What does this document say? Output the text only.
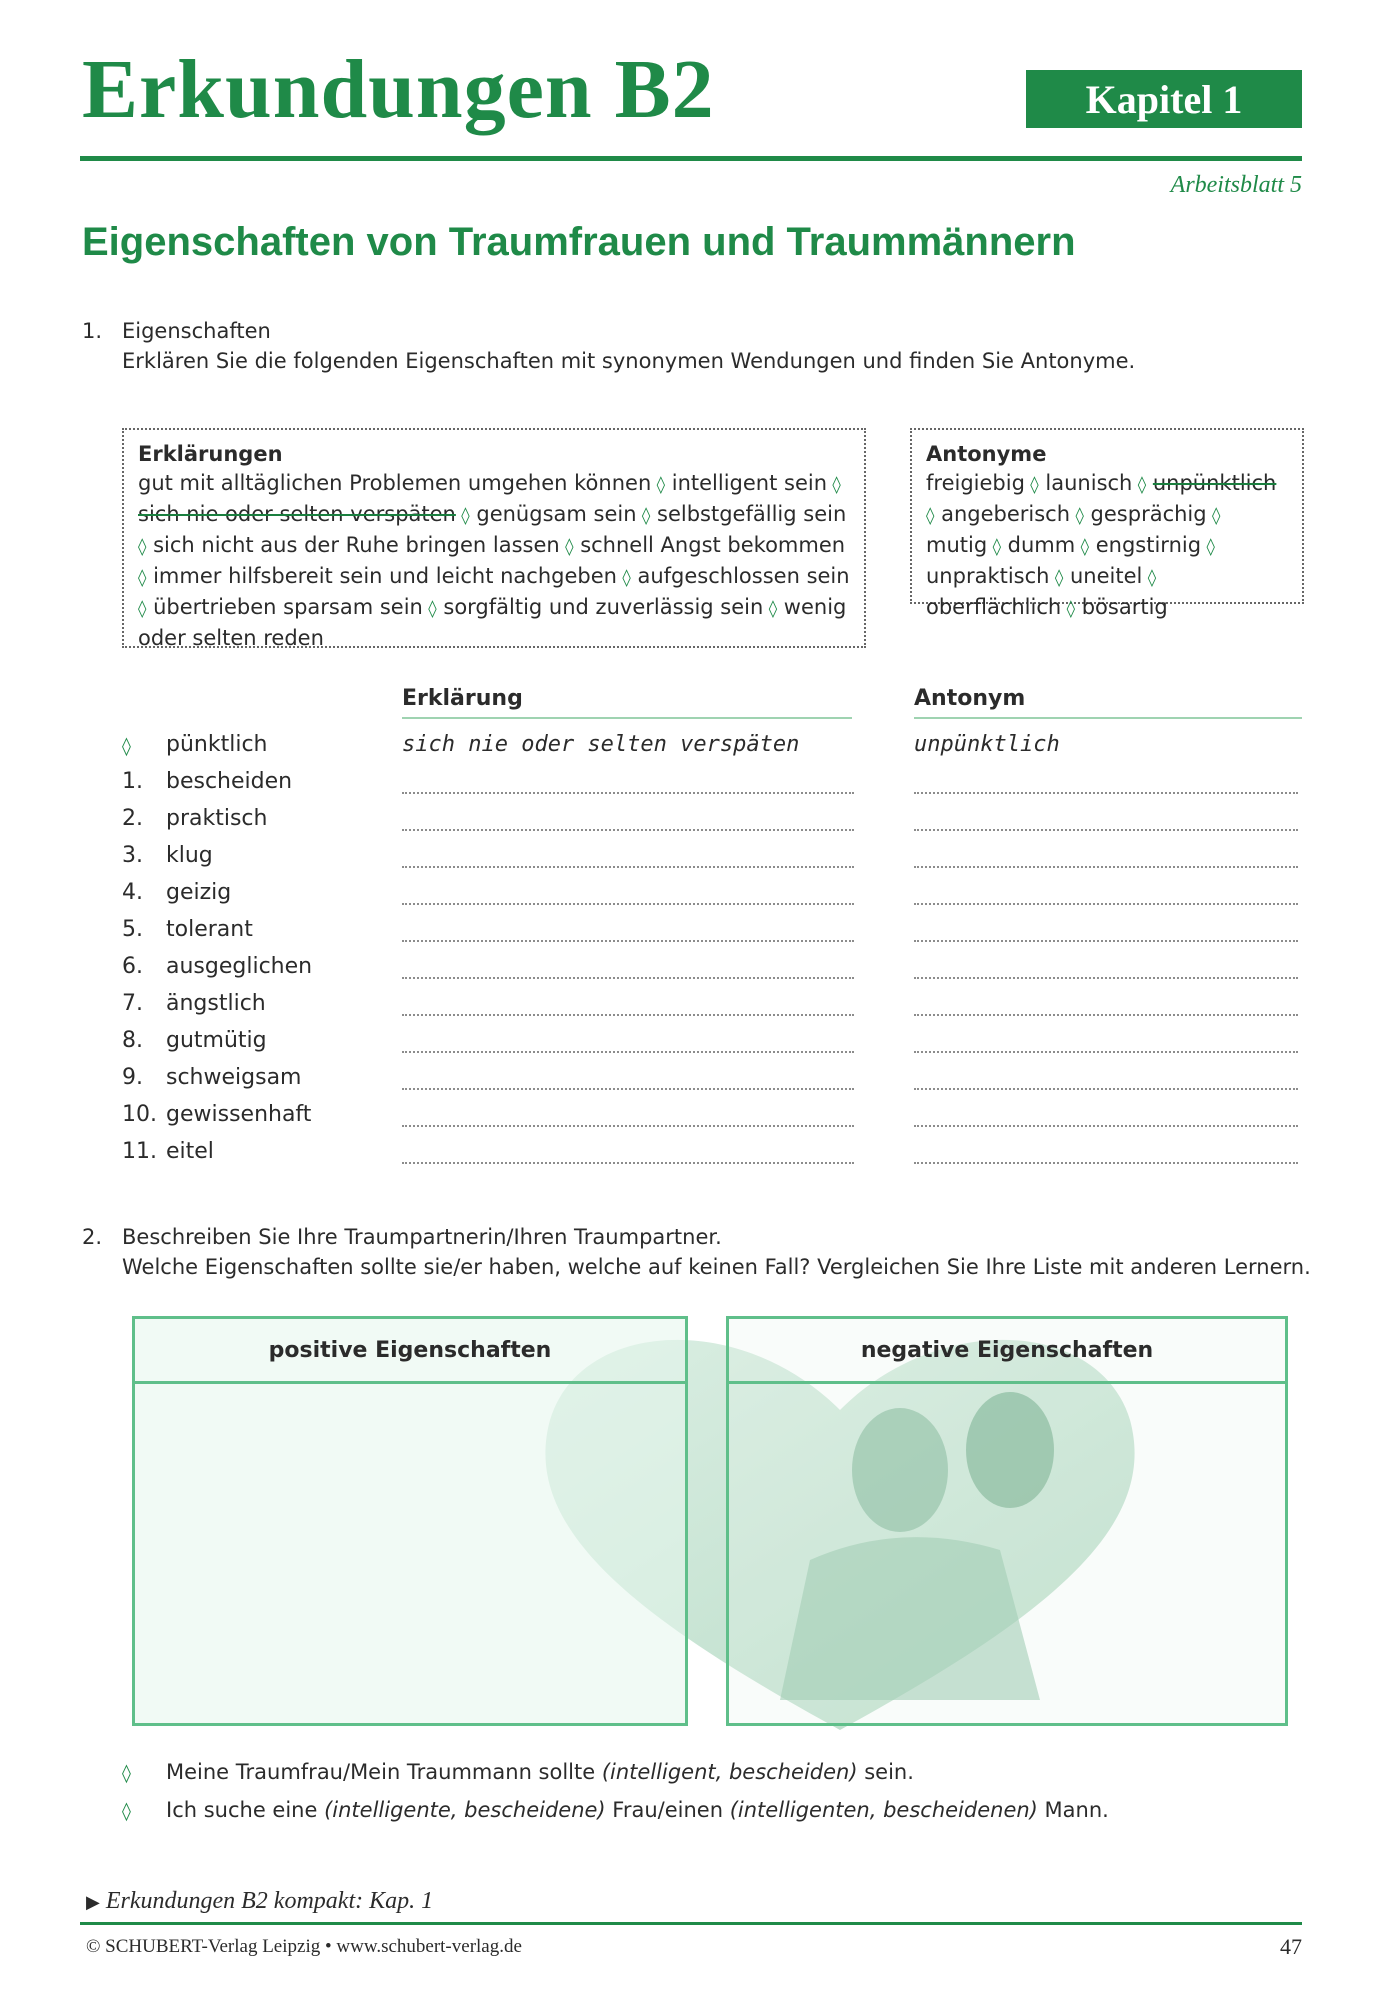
Erkundungen B2	Kapitel 1
Arbeitsblatt 5
Eigenschaften von Traumfrauen und Traummännern
1. Eigenschaften
Erklären Sie die folgenden Eigenschaften mit synonymen Wendungen und finden Sie Antonyme.
Erklärungen
gut mit alltäglichen Problemen umgehen können ◊ intelligent sein ◊ sich nie oder selten verspäten ◊ genügsam sein ◊ selbstgefällig sein ◊ sich nicht aus der Ruhe bringen lassen ◊ schnell Angst bekommen ◊ immer hilfsbereit sein und leicht nachgeben ◊ aufgeschlossen sein ◊ übertrieben sparsam sein ◊ sorgfältig und zuverlässig sein ◊ wenig oder selten reden
Antonyme
freigiebig ◊ launisch ◊ unpünktlich ◊ angeberisch ◊ gesprächig ◊ mutig ◊ dumm ◊ engstirnig ◊ unpraktisch ◊ uneitel ◊ oberflächlich ◊ bösartig
Erklärung	Antonym
◊	pünktlich	sich nie oder selten verspäten	unpünktlich
1.	bescheiden
2.	praktisch
3.	klug
4.	geizig
5.	tolerant
6.	ausgeglichen
7.	ängstlich
8.	gutmütig
9.	schweigsam
10. gewissenhaft
11. eitel
2. Beschreiben Sie Ihre Traumpartnerin/Ihren Traumpartner.
Welche Eigenschaften sollte sie/er haben, welche auf keinen Fall? Vergleichen Sie Ihre Liste mit anderen Lernern.
positive Eigenschaften	negative Eigenschaften
◊ Meine Traumfrau/Mein Traummann sollte (intelligent, bescheiden) sein.
◊ Ich suche eine (intelligente, bescheidene) Frau/einen (intelligenten, bescheidenen) Mann.
▶ Erkundungen B2 kompakt: Kap. 1
© SCHUBERT-Verlag Leipzig • www.schubert-verlag.de	47
